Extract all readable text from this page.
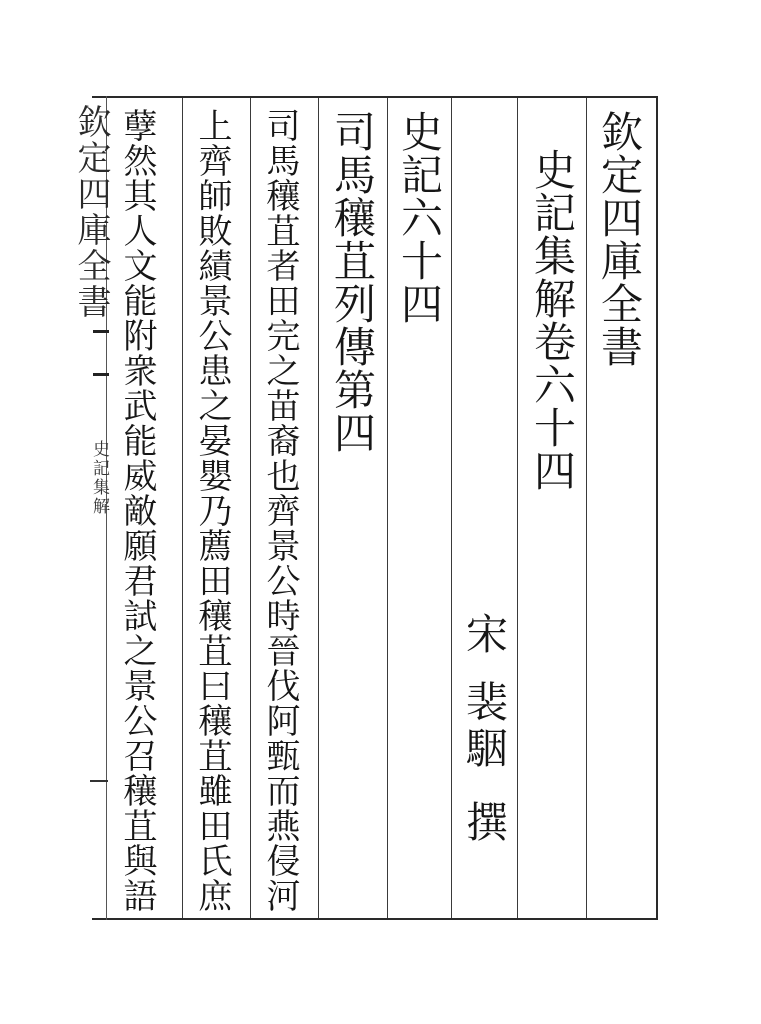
欽定四庫全書
史記集解
欽定四庫全書
史記集解卷六十四
宋
裴駰
撰
史記六十四
司馬穰苴列傳第四
司馬穰苴者田完之苗裔也齊景公時晉伐阿甄而燕侵河
上齊師敗績景公患之晏嬰乃薦田穰苴曰穰苴雖田氏庶
孽然其人文能附衆武能威敵願君試之景公召穰苴與語
